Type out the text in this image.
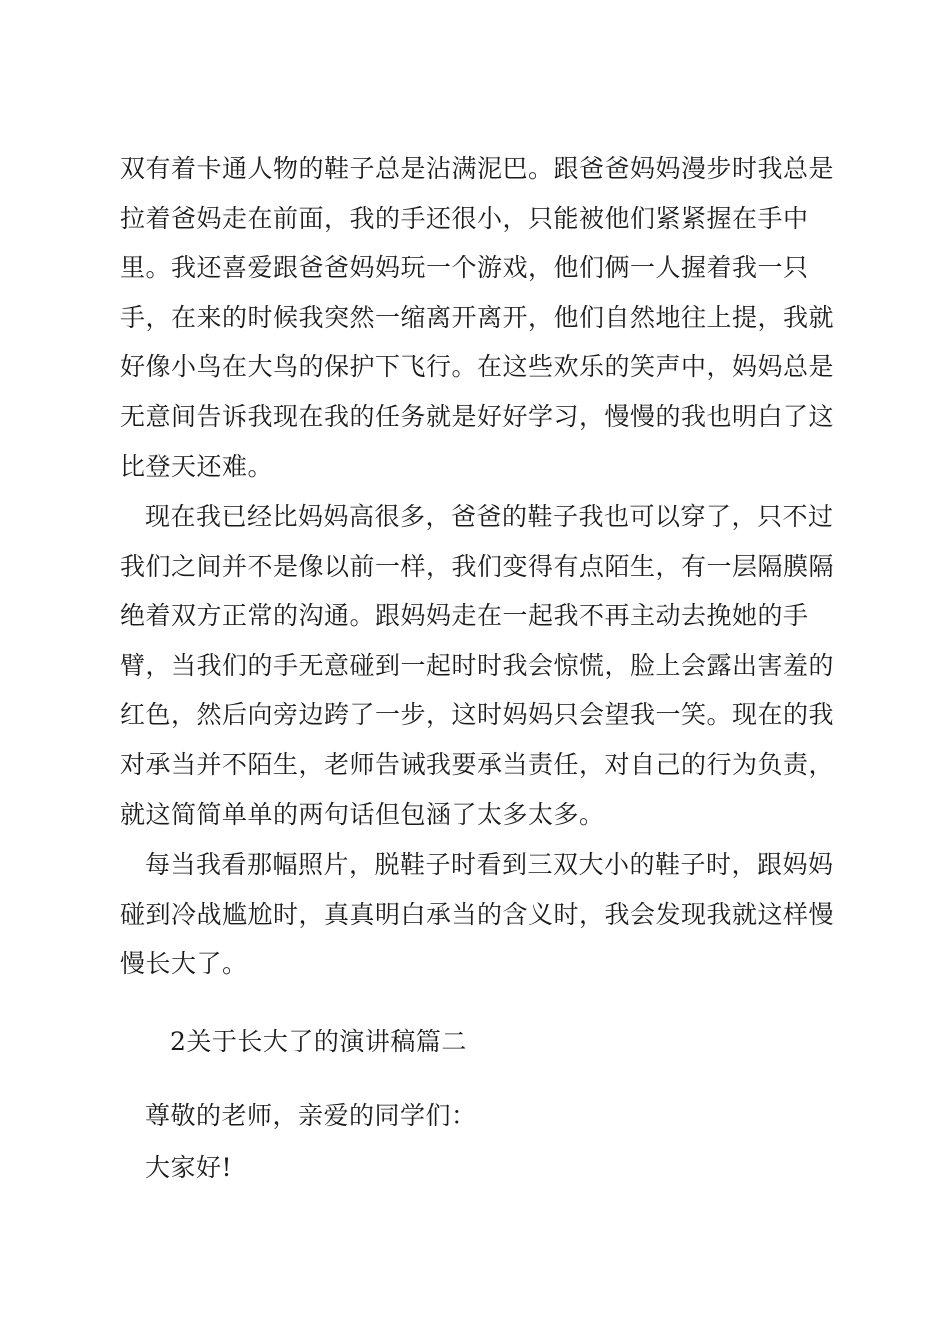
双有着卡通人物的鞋子总是沾满泥巴。跟爸爸妈妈漫步时我总是拉着爸妈走在前面，我的手还很小，只能被他们紧紧握在手中里。我还喜爱跟爸爸妈妈玩一个游戏，他们俩一人握着我一只手，在来的时候我突然一缩离开离开，他们自然地往上提，我就好像小鸟在大鸟的保护下飞行。在这些欢乐的笑声中，妈妈总是无意间告诉我现在我的任务就是好好学习，慢慢的我也明白了这比登天还难。

现在我已经比妈妈高很多，爸爸的鞋子我也可以穿了，只不过我们之间并不是像以前一样，我们变得有点陌生，有一层隔膜隔绝着双方正常的沟通。跟妈妈走在一起我不再主动去挽她的手臂，当我们的手无意碰到一起时时我会惊慌，脸上会露出害羞的红色，然后向旁边跨了一步，这时妈妈只会望我一笑。现在的我对承当并不陌生，老师告诫我要承当责任，对自己的行为负责，就这简简单单的两句话但包涵了太多太多。

每当我看那幅照片，脱鞋子时看到三双大小的鞋子时，跟妈妈碰到冷战尴尬时，真真明白承当的含义时，我会发现我就这样慢慢长大了。

2关于长大了的演讲稿篇二

尊敬的老师，亲爱的同学们：

大家好!
